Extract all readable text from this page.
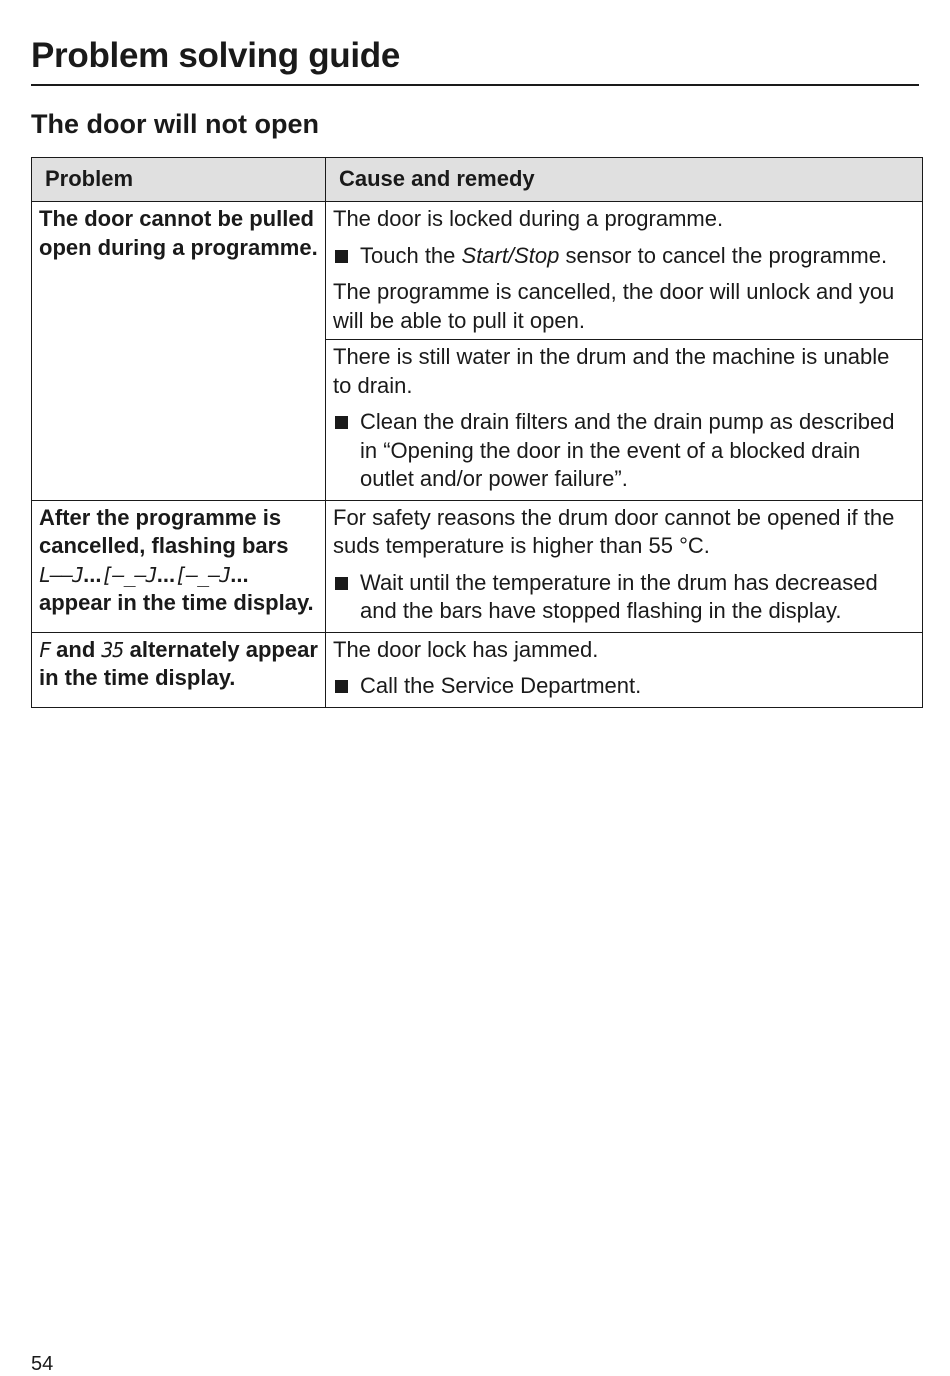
Problem solving guide
The door will not open
Problem	Cause and remedy
The door cannot be pulled open during a programme.	The door is locked during a programme.
Touch the Start/Stop sensor to cancel the programme.
The programme is cancelled, the door will unlock and you will be able to pull it open.

	There is still water in the drum and the machine is unable to drain.
Clean the drain filters and the drain pump as described in “Opening the door in the event of a blocked drain outlet and/or power failure”.

After the programme is cancelled, flashing bars L––J...[–_–J...[–_–J... appear in the time display.	For safety reasons the drum door cannot be opened if the suds temperature is higher than 55 °C.
Wait until the temperature in the drum has decreased and the bars have stopped flashing in the display.

F and 35 alternately appear in the time display.	The door lock has jammed.
Call the Service Department.
54
